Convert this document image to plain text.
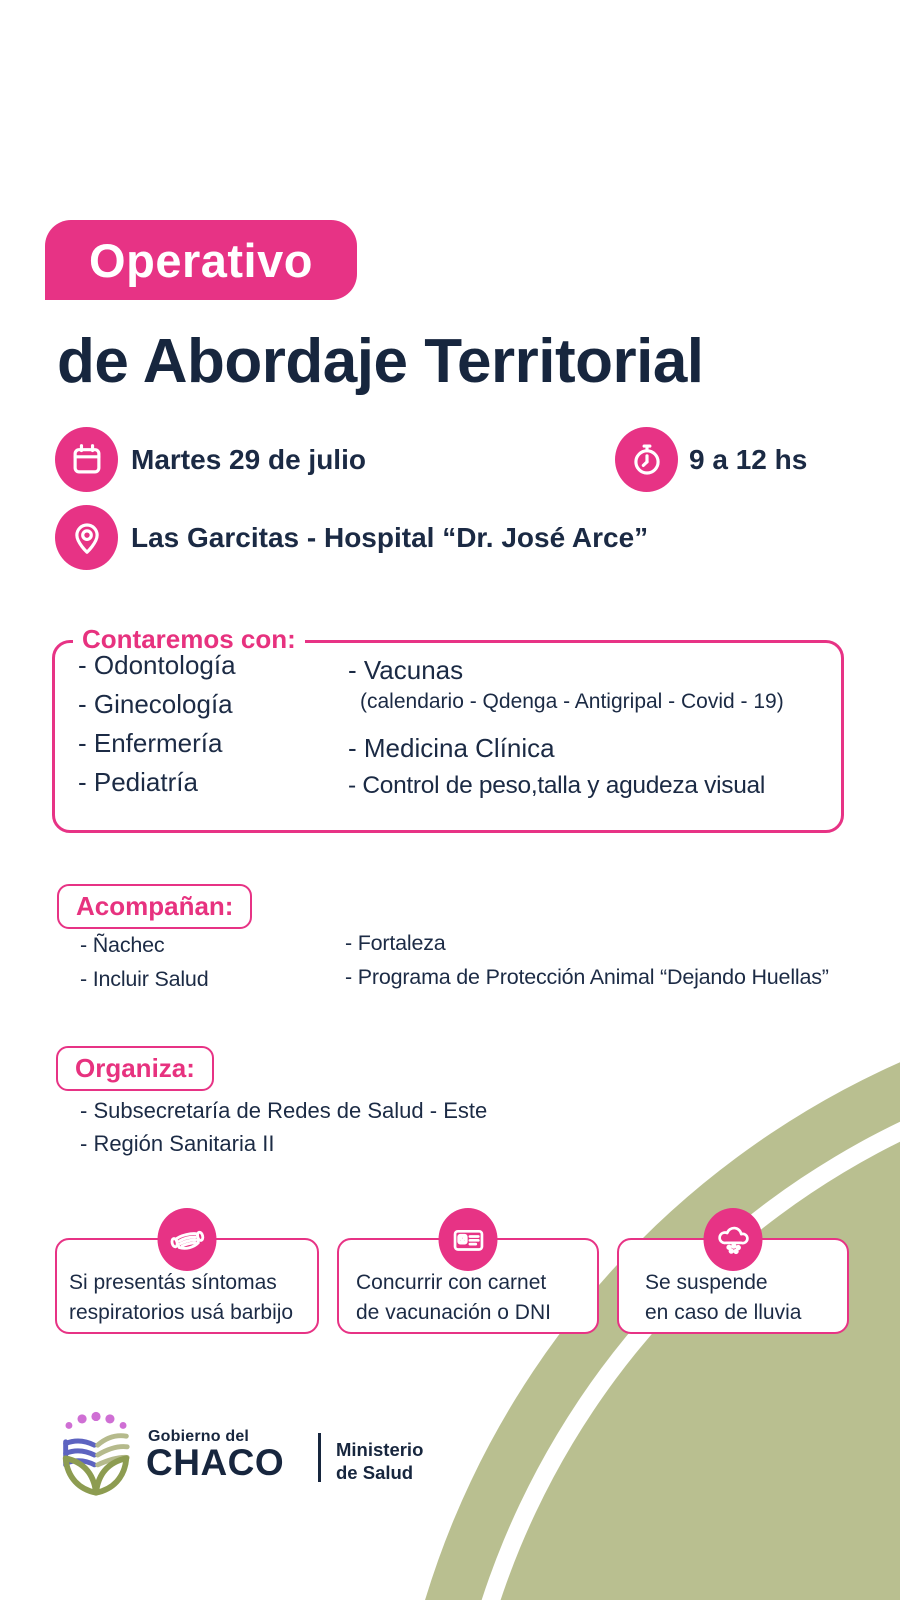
Operativo
de Abordaje Territorial
Martes 29 de julio	9 a 12 hs
Las Garcitas - Hospital “Dr. José Arce”
Contaremos con:
- Odontología
- Ginecología
- Enfermería
- Pediatría
- Vacunas
(calendario - Qdenga - Antigripal - Covid - 19)
- Medicina Clínica
- Control de peso,talla y agudeza visual
Acompañan:
- Ñachec
- Incluir Salud
- Fortaleza
- Programa de Protección Animal “Dejando Huellas”
Organiza:
- Subsecretaría de Redes de Salud - Este
- Región Sanitaria II
Si presentás síntomas
respiratorios usá barbijo
Concurrir con carnet
de vacunación o DNI
Se suspende
en caso de lluvia
Gobierno del
CHACO	Ministerio
de Salud
